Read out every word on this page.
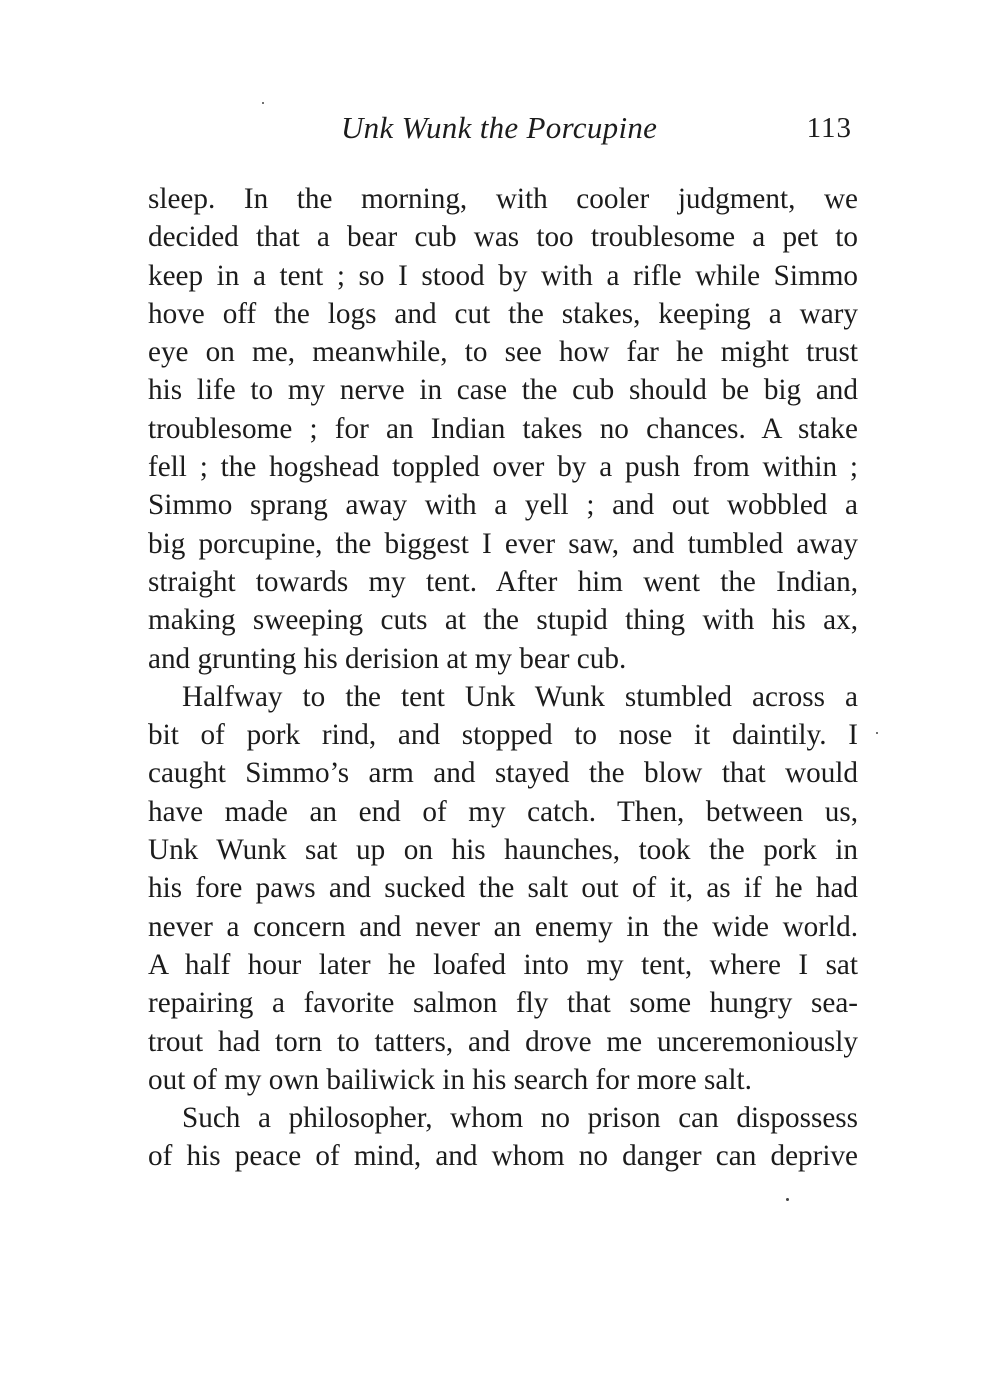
Unk Wunk the Porcupine	113
sleep. In the morning, with cooler judgment, we
decided that a bear cub was too troublesome a pet to
keep in a tent ; so I stood by with a rifle while Simmo
hove off the logs and cut the stakes, keeping a wary
eye on me, meanwhile, to see how far he might trust
his life to my nerve in case the cub should be big and
troublesome ; for an Indian takes no chances. A stake
fell ; the hogshead toppled over by a push from within ;
Simmo sprang away with a yell ; and out wobbled a
big porcupine, the biggest I ever saw, and tumbled away
straight towards my tent. After him went the Indian,
making sweeping cuts at the stupid thing with his ax,
and grunting his derision at my bear cub.
Halfway to the tent Unk Wunk stumbled across a
bit of pork rind, and stopped to nose it daintily. I
caught Simmo’s arm and stayed the blow that would
have made an end of my catch. Then, between us,
Unk Wunk sat up on his haunches, took the pork in
his fore paws and sucked the salt out of it, as if he had
never a concern and never an enemy in the wide world.
A half hour later he loafed into my tent, where I sat
repairing a favorite salmon fly that some hungry sea-
trout had torn to tatters, and drove me unceremoniously
out of my own bailiwick in his search for more salt.
Such a philosopher, whom no prison can dispossess
of his peace of mind, and whom no danger can deprive
